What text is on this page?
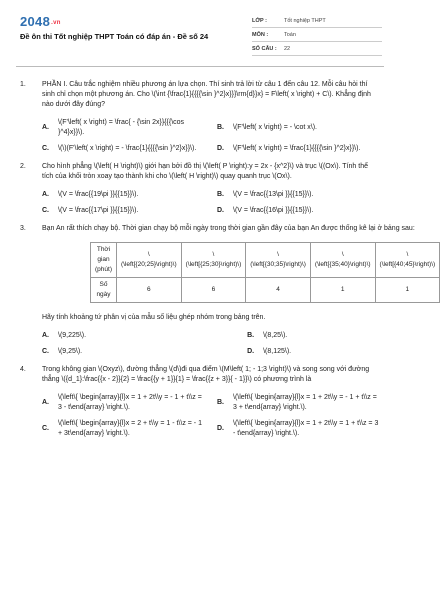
2048.vn
Đề ôn thi Tốt nghiệp THPT Toán có đáp án - Đề số 24
LỚP :	Tốt nghiệp THPT
MÔN :	Toán
SỐ CÂU :	22
1.	PHẦN I. Câu trắc nghiệm nhiều phương án lựa chọn. Thí sinh trả lời từ câu 1 đến câu 12. Mỗi câu hỏi thí sinh chỉ chọn một phương án. Cho \(\int {\frac{1}{{{{\sin }^2}x}}}\rm{d}}x} = F\left( x \right) + C\). Khẳng định nào dưới đây đúng?
A.
\(F'\left( x \right) = \frac{ - {\sin 2x}}{{{\cos }^4}x}}\).
B.	\(F'\left( x \right) = - \cot x\).
C.	\(\)(F'\left( x \right) = - \frac{1}{{{{\sin }^2}x}}\).	D.	\(F'\left( x \right) = \frac{1}{{{{\sin }^2}x}}\).
2.	Cho hình phẳng \(\left( H \right)\) giới hạn bởi đồ thị \(\left( P \right):y = 2x - {x^2}\) và trục \((Ox\). Tính thể tích của khối tròn xoay tạo thành khi cho \(\left( H \right)\) quay quanh trục \(Ox\).
A.	\(V = \frac{{19\pi }}{{15}}\).	B.	\(V = \frac{{13\pi }}{{15}}\).
C.	\(V = \frac{{17\pi }}{{15}}\).	D.	\(V = \frac{{16\pi }}{{15}}\).
3.	Bạn An rất thích chạy bộ. Thời gian chạy bộ mỗi ngày trong thời gian gần đây của bạn An được thống kê lại ở bảng sau:
Thời gian (phút)	\(\left[{20;25}\right)\)	\(\left[{25;30}\right)\)	\(\left[{30;35}\right)\)	\(\left[{35;40}\right)\)	\(\left[{40;45}\right)\)
Số ngày	6	6	4	1	1
Hãy tính khoảng tứ phân vị của mẫu số liệu ghép nhóm trong bảng trên.
A.	\(9,225\).	B.	\(8,25\).
C.	\(9,25\).	D.	\(8,125\).
4.	Trong không gian \(Oxyz\), đường thẳng \(d\)đi qua điểm \(M\left( 1; - 1;3 \right)\) và song song với đường thẳng \({d_1}:\frac{{x - 2}}{2} = \frac{{y + 1}}{1} = \frac{{z + 3}}{ - 1}}\) có phương trình là
A.
\(\left\{ \begin{array}{l}x = 1 + 2t\\y = - 1 + t\\z = 3 - t\end{array} \right.\).
B.
\(\left\{ \begin{array}{l}x = 1 + 2t\\y = - 1 + t\\z = 3 + t\end{array} \right.\).
C.
\(\left\{ \begin{array}{l}x = 2 + t\\y = 1 - t\\z = - 1 + 3t\end{array} \right.\).
D.
\(\left\{ \begin{array}{l}x = 1 + 2t\\y = 1 + t\\z = 3 - t\end{array} \right.\).
